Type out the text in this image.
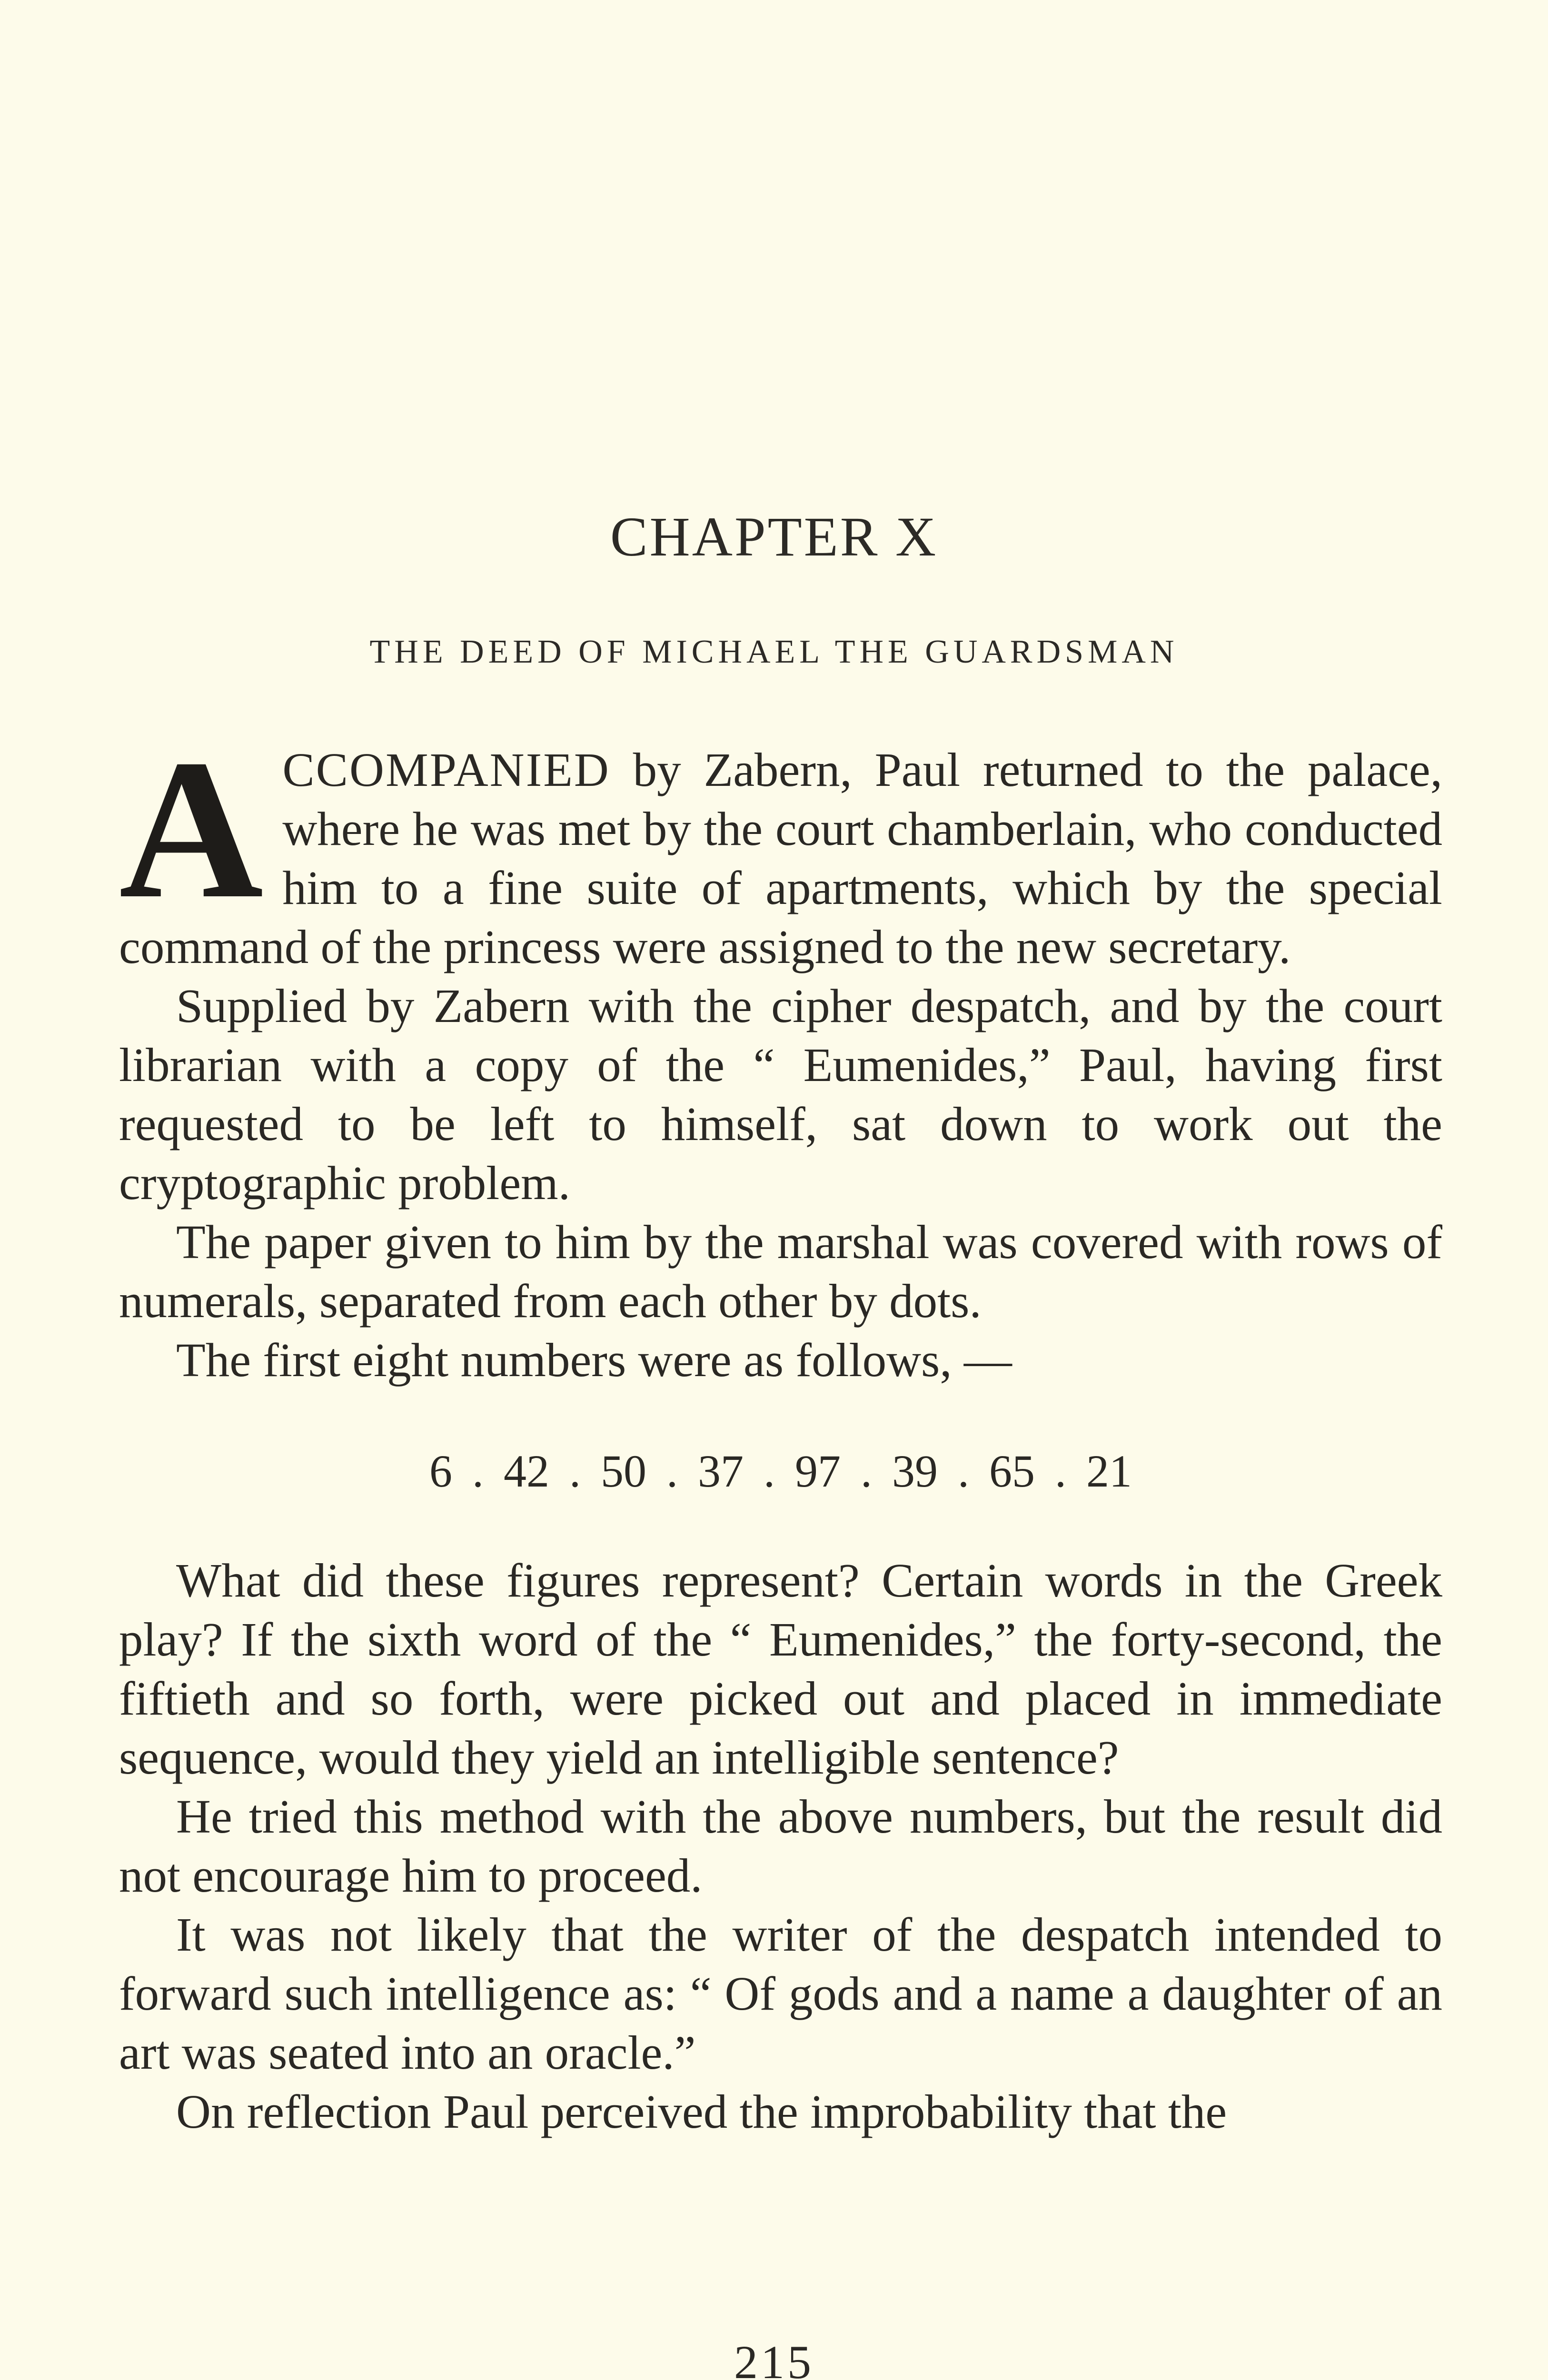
CHAPTER X
THE DEED OF MICHAEL THE GUARDSMAN

ACCOMPANIED by Zabern, Paul returned to the palace, where he was met by the court chamberlain, who conducted him to a fine suite of apartments, which by the special command of the princess were assigned to the new secretary.

Supplied by Zabern with the cipher despatch, and by the court librarian with a copy of the “ Eumenides,” Paul, having first requested to be left to himself, sat down to work out the cryptographic problem.

The paper given to him by the marshal was covered with rows of numerals, separated from each other by dots.

The first eight numbers were as follows, —

6 . 42 . 50 . 37 . 97 . 39 . 65 . 21

What did these figures represent? Certain words in the Greek play? If the sixth word of the “ Eumenides,” the forty-second, the fiftieth and so forth, were picked out and placed in immediate sequence, would they yield an intelligible sentence?

He tried this method with the above numbers, but the result did not encourage him to proceed.

It was not likely that the writer of the despatch intended to forward such intelligence as: “ Of gods and a name a daughter of an art was seated into an oracle.”

On reflection Paul perceived the improbability that the

215
